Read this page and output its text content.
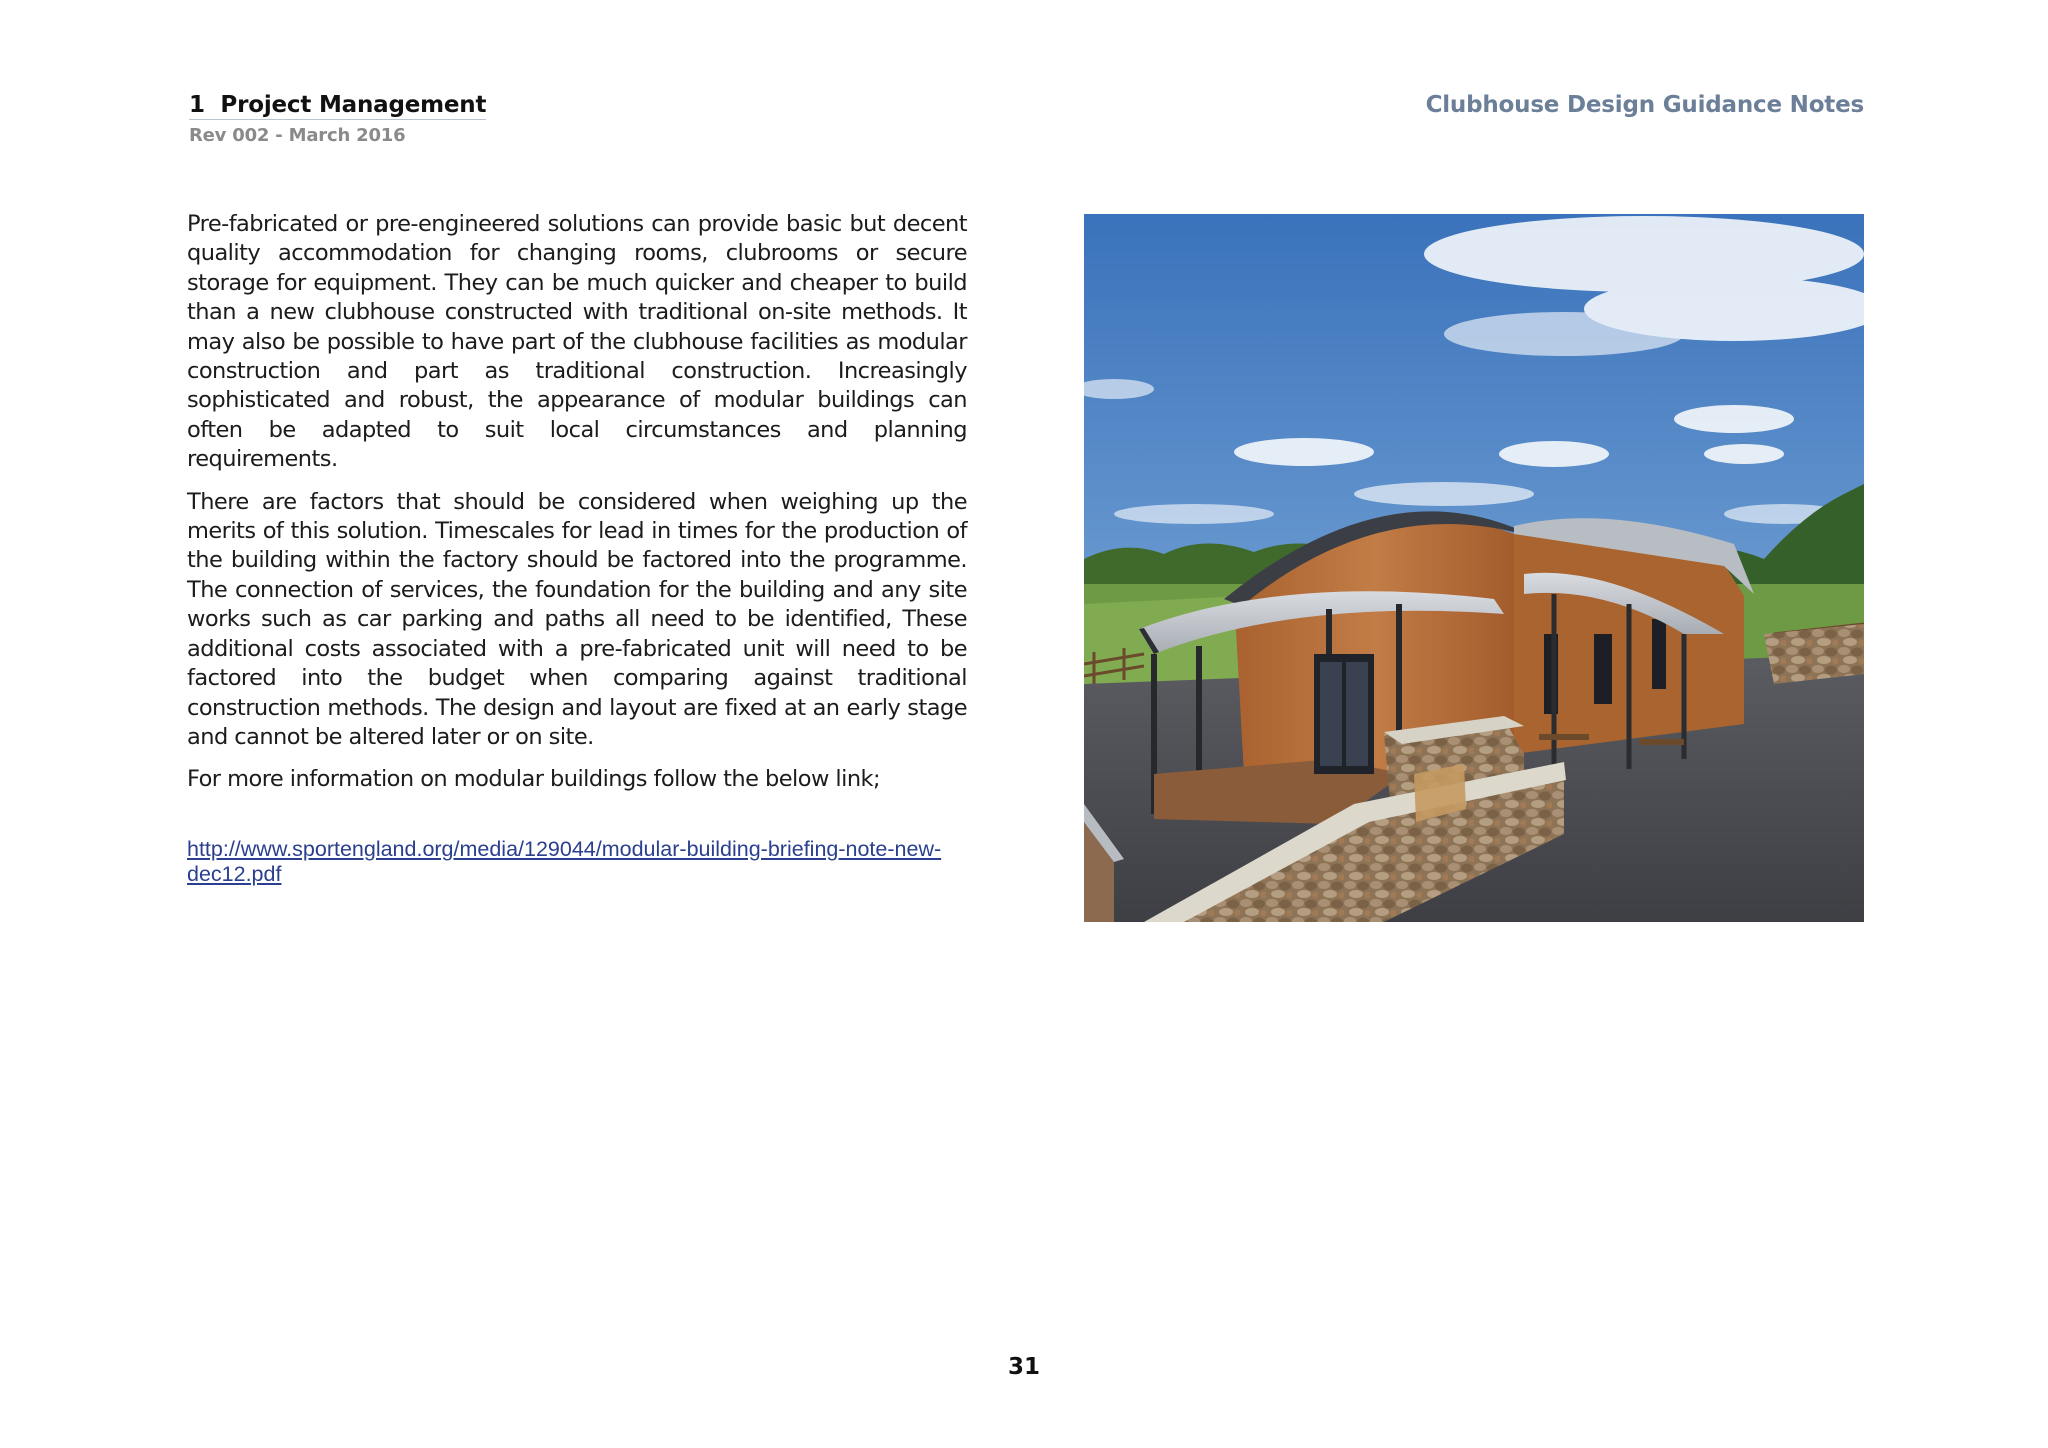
1  Project Management
Rev 002 - March 2016
Clubhouse Design Guidance Notes

Pre-fabricated or pre-engineered solutions can provide basic but decent quality accommodation for changing rooms, clubrooms or secure storage for equipment. They can be much quicker and cheaper to build than a new clubhouse constructed with traditional on-site methods. It may also be possible to have part of the clubhouse facilities as modular construction and part as traditional construction. Increasingly sophisticated and robust, the appearance of modular buildings can often be adapted to suit local circumstances and planning requirements.

There are factors that should be considered when weighing up the merits of this solution. Timescales for lead in times for the production of the building within the factory should be factored into the programme. The connection of services, the foundation for the building and any site works such as car parking and paths all need to be identified, These additional costs associated with a pre-fabricated unit will need to be factored into the budget when comparing against traditional construction methods. The design and layout are fixed at an early stage and cannot be altered later or on site.

For more information on modular buildings follow the below link;

http://www.sportengland.org/media/129044/modular-building-briefing-note-new-dec12.pdf
31
